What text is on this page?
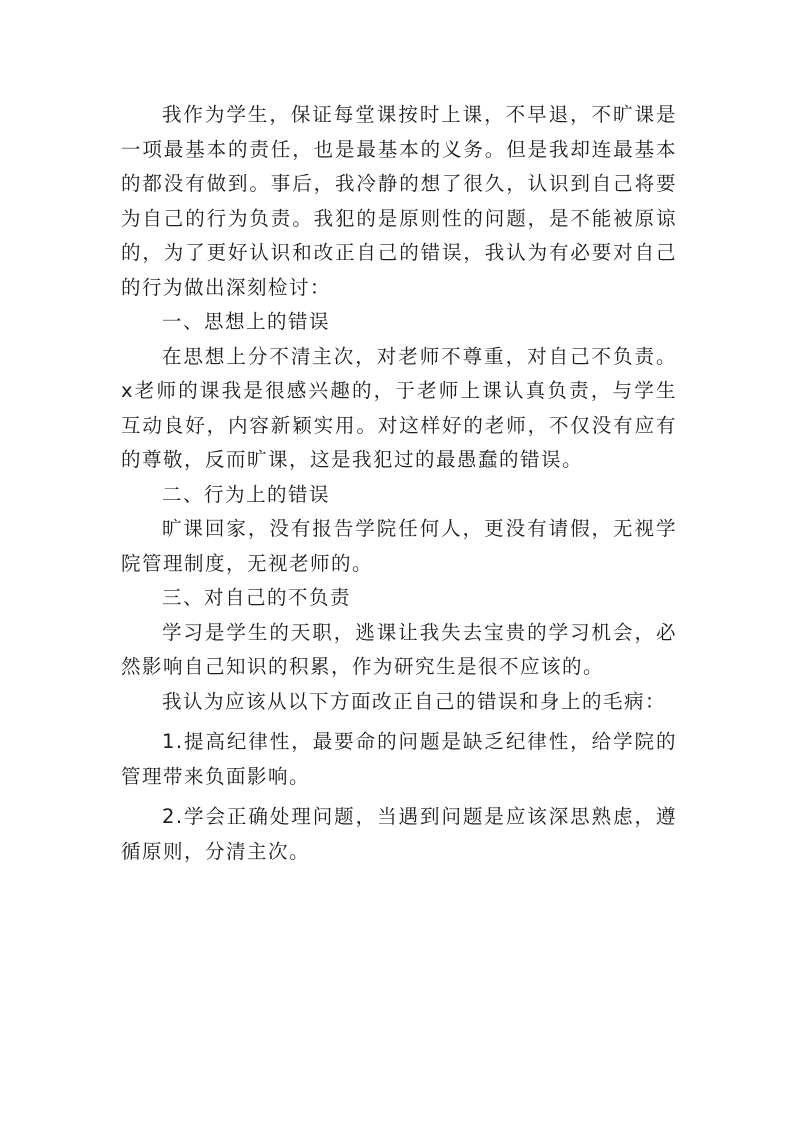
我作为学生，保证每堂课按时上课，不早退，不旷课是一项最基本的责任，也是最基本的义务。但是我却连最基本的都没有做到。事后，我冷静的想了很久，认识到自己将要为自己的行为负责。我犯的是原则性的问题，是不能被原谅的，为了更好认识和改正自己的错误，我认为有必要对自己的行为做出深刻检讨：

一、思想上的错误

在思想上分不清主次，对老师不尊重，对自己不负责。x老师的课我是很感兴趣的，于老师上课认真负责，与学生互动良好，内容新颖实用。对这样好的老师，不仅没有应有的尊敬，反而旷课，这是我犯过的最愚蠢的错误。

二、行为上的错误

旷课回家，没有报告学院任何人，更没有请假，无视学院管理制度，无视老师的。

三、对自己的不负责

学习是学生的天职，逃课让我失去宝贵的学习机会，必然影响自己知识的积累，作为研究生是很不应该的。

我认为应该从以下方面改正自己的错误和身上的毛病：

1.提高纪律性，最要命的问题是缺乏纪律性，给学院的管理带来负面影响。

2.学会正确处理问题，当遇到问题是应该深思熟虑，遵循原则，分清主次。
